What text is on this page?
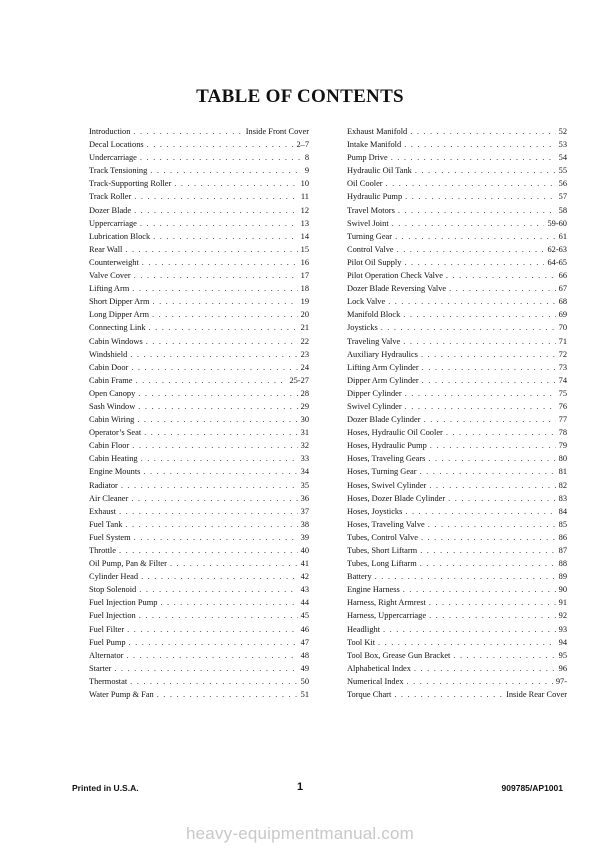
TABLE OF CONTENTS
Introduction . . .	Inside Front Cover
Decal Locations . . .	2–7
Undercarriage . . .	8
Track Tensioning . . .	9
Track-Supporting Roller . . .	10
Track Roller . . .	11
Dozer Blade . . .	12
Uppercarriage . . .	13
Lubrication Block . . .	14
Rear Wall . . .	15
Counterweight . . .	16
Valve Cover . . .	17
Lifting Arm . . .	18
Short Dipper Arm . . .	19
Long Dipper Arm . . .	20
Connecting Link . . .	21
Cabin Windows . . .	22
Windshield . . .	23
Cabin Door . . .	24
Cabin Frame . . .	25-27
Open Canopy . . .	28
Sash Window . . .	29
Cabin Wiring . . .	30
Operator’s Seat . . .	31
Cabin Floor . . .	32
Cabin Heating . . .	33
Engine Mounts . . .	34
Radiator . . .	35
Air Cleaner . . .	36
Exhaust . . .	37
Fuel Tank . . .	38
Fuel System . . .	39
Throttle . . .	40
Oil Pump, Pan & Filter . . .	41
Cylinder Head . . .	42
Stop Solenoid . . .	43
Fuel Injection Pump . . .	44
Fuel Injection . . .	45
Fuel Filter . . .	46
Fuel Pump . . .	47
Alternator . . .	48
Starter . . .	49
Thermostat . . .	50
Water Pump & Fan . . .	51
Exhaust Manifold . . .	52
Intake Manifold . . .	53
Pump Drive . . .	54
Hydraulic Oil Tank . . .	55
Oil Cooler . . .	56
Hydraulic Pump . . .	57
Travel Motors . . .	58
Swivel Joint . . .	59-60
Turning Gear . . .	61
Control Valve . . .	62-63
Pilot Oil Supply . . .	64-65
Pilot Operation Check Valve . . .	66
Dozer Blade Reversing Valve . . .	67
Lock Valve . . .	68
Manifold Block . . .	69
Joysticks . . .	70
Traveling Valve . . .	71
Auxiliary Hydraulics . . .	72
Lifting Arm Cylinder . . .	73
Dipper Arm Cylinder . . .	74
Dipper Cylinder . . .	75
Swivel Cylinder . . .	76
Dozer Blade Cylinder . . .	77
Hoses, Hydraulic Oil Cooler . . .	78
Hoses, Hydraulic Pump . . .	79
Hoses, Traveling Gears . . .	80
Hoses, Turning Gear . . .	81
Hoses, Swivel Cylinder . . .	82
Hoses, Dozer Blade Cylinder . . .	83
Hoses, Joysticks . . .	84
Hoses, Traveling Valve . . .	85
Tubes, Control Valve . . .	86
Tubes, Short Liftarm . . .	87
Tubes, Long Liftarm . . .	88
Battery . . .	89
Engine Harness . . .	90
Harness, Right Armrest . . .	91
Harness, Uppercarriage . . .	92
Headlight . . .	93
Tool Kit . . .	94
Tool Box, Grease Gun Bracket . . .	95
Alphabetical Index . . .	96
Numerical Index . . .	97-
Torque Chart . . .	Inside Rear Cover
Printed in U.S.A.	1	909785/AP1001
heavy-equipmentmanual.com
